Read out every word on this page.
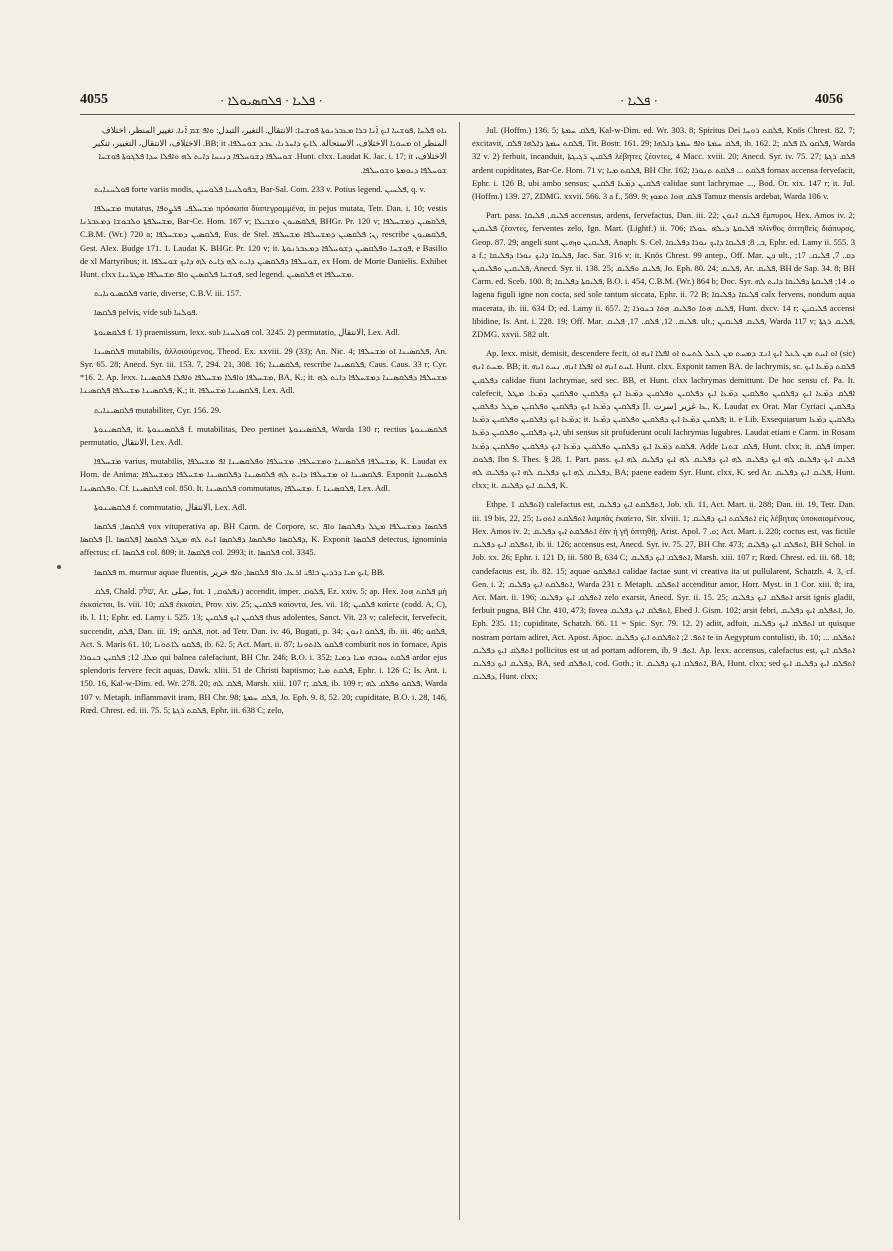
4055	· ܦܠܝܐ · ܦܠܩܣܝܘܠܐ ·	· ܦܠܝܐ ·	4056

ܝܐܘ ܦܠܚܐ ,ܦܘܫܚܐ ܐܝܟ ܐ̄ܢܐ ܒܪܐ ܡܥܒܪܢܘܬܐ ܦܘܫܚܐ: الانتقال. التغير، التبدل: ܘܐܦ ܫܡ ܐ̄ܢܐ. تغيير المنظر، اختلاف المنظر ܐܘ ܡܚܘܝܐ الاختلاف، الاستحالة. ܠܐܝܟ ܕܐܚܪܢܐ، ܥܒܕ ܫܘܚܠܦܐ، BB; it. الاختلاف، الانتقال، التغيير، تنكير الاختلاف، Hunt. clxx. Laudat K. Jac. i. 17; it. ܫܘܚܠܦܐ ܕܫܘܚܠܦܐ ܕܢܝܚܐ ܕܐܝܬ ܠܗ ܘܐܦܠܐ ܚܕܐ ܦܠܓܘܬܐ ܦܘܫܚܐ ܫܘܚܠܦܐ ܕܝܘܡܬܐ ܘܫܘܚܠܦܐ.

ܦܘܠܚܢܐܝܬ forte variis modis, ܒܦܘܠܚܢܐ ܦܠܘܚܝܢ, Bar-Sal. Com. 233 v. Potius legend. ܦܠܚܝܢ, q. v.

ܡܫܚܠܦܐ mutatus, ܡܫܚܠܦܝ ܦܪ̈ܨܘܦܐ πρόσωπα διαπεγραμμένα, in pejus mutata, Tetr. Dan. i. 10; vestis ܡܫܚܠܦܬܐ ܘܠܒܘܫܐ ܕܡܥܒܪܢܐ, Bar-Ce. Hom. 167 v; ܦܠܩܣܝܘܢ ܘܫܒܝܠܐ, BHGr. Pr. 120 v; ܦܠܩܣܝܢ ܕܡܫܚܠܦܐ, C.B.M. (Wr.) 720 a; ܦܠܩܣܝܢ ܕܡܫܚܠܦܐ, Eus. de Stel. ܢ; ܦܠܩܣܝܢ ܕܡܫܚܠܦܐ ܡܫܚܠܦܐ, rescribe ܦܠܩܣܝܘܢ, Gest. Alex. Budge 171. 1. Laudat K. BHGr. Pr. 120 v; it. ܦܘܫܚܐ ܘܦܠܩܣܝܢ ܕܫܘܚܠܦܐ ܕܡܥܒܪܢܘܬܐ, e Basilio de xl Martyribus; it. ܫܘܚܠܦܐ ܕܦܠܩܣܝܢ ܕܐܝܬ ܠܗ ܕܐܝܬ ܠܗ ܕܐܝܟ ܫܘܚܠܦܐ, ex Hom. de Morte Danielis. Exhibet Hunt. clxx ܦܘܫܚܐ ܦܠܩܣܝܢ ܘܐܦ ܡܫܚܠܦܐ ܡܛܪ̈ܝܢܐ, sed legend. ܦܠܩܣܝܢ et ܡܫܚܠܦܐ.

ܦܠܩܣܝܘܢܐܝܬ varie, diverse, C.B.V. iii. 157.

ܦܠܩܣܐ pelvis, vide sub ܦܘܠܚܐ.

ܦܠܩܣܝܘܬܐ f. 1) praemissum, lexx. sub ܦܘܠܚܢܐ col. 3245. 2) permutatio, الانتقال, Lex. Adl.

ܦܠܩܣܝܢܐ mutabilis, ἀλλοιούμενος, Theod. Ex. xxviii. 29 (33); An. Nic. 4; ܦܠܩܣܝܢܐ ܐܘ ܡܫܚܠܦܐ, An. Syr. 65. 28; Anecd. Syr. iii. 153. 7, 294. 21, 308. 16; ܦܠܩܣܝܢܐ, rescribe ܦܠܩܣܝܢܐ, Caus. Caus. 33 r; Cyr. *16. 2. Ap. lexx. ܡܫܚܠܦܐ ܘܐܦܠܐ ܡܫܚܠܦܐ ܘܐܦܠܐ ܦܠܩܣܝܢܐ, BA, K.; it. ܡܫܚܠܦܐ ܕܦܠܩܣܝܢܐ ܕܡܫܚܠܦܐ ܕܐܝܬ ܠܗ ܦܠܩܣܝܢܐ ܡܫܚܠܦܐ ܦܠܩܣܝܢܐ, K.; it. ܦܠܩܣܝܢܐ ܡܫܚܠܦܐ, Lex. Adl.

ܦܠܩܣܝܢܐܝܬ mutabiliter, Cyr. 156. 29.

ܦܠܩܣܝܢܘܬܐ, it. ܦܠܩܣܝܢܘܬܐ f. mutabilitas, Deo pertinet ܦܠܩܣܝܢܘܬܐ, Warda 130 r; rectius ܦܠܩܣܝܢܘܬܐ permutatio, الانتقال, Lex. Adl.

ܡܫܚܠܦܐ varius, mutabilis, ܡܫܚܠܦܐ ܦܠܩܣܝܢܐ ܘܡܫܚܠܦܐ. ܡܫܚܠܦܐ ܘܦܠܩܣܝܢܐ ܐܦ ܡܫܚܠܦܐ, K. Laudat ex Hom. de Anima: ܦܠܩܣܝܢܐ ܐܘ ܡܫܚܠܦܐ ܕܐܝܬ ܠܗ ܦܠܩܣܝܢܐ ܕܦܠܩܣܝܢܐ ܡܫܚܠܦܐ ܕܡܫܚܠܦܐ. Exponit ܦܠܩܣܝܢܐ ܘܦܠܩܣܝܢܐ. Cf. ܦܠܩܣܝܢܐ col. 850. It. ܦܠܩܣܝܢܐ commutatus, ܡܫܚܠܦܐ. f. ܦܠܩܣܝܢܐ, Lex. Adl.

ܦܠܩܣܝܢܘܬܐ f. commutatio, الانتقال, Lex. Adl.

ܦܠܩܣܐ, ܦܠܩܣܐ vox vituperativa ap. BH Carm. de Corpore, sc. ܦܠܩܣܐ ܕܡܫܚܠܦܐ ܡܛܠ ܕܦܠܩܣܐ ܘܐܦ ܦܠܩܣܐ [l. ܦܠܩܣܐ] ܕܦܠܩܣܐ ܘܦܠܩܣܐ ܕܦܠܩܣܐ ܐܝܬ ܠܗ ܡܛܠ ܦܠܩܣܐ, K. Exponit ܦܠܩܣܐ detectus, ignominia affectus; cf. ܦܠܩܣܐ col. 809; it. ܦܠܩܣܐ col. 2993; it. ܦܠܩܣܐ col. 3345.

ܦܠܩܣܐ m. murmur aquae fluentis, ܐܝܟ ܡܝܐ ܕܪܕܝܢ ܒܐܦܝ ܐܪܥܐ. ܘܐܦ ܦܠܩܣܐ, ܘܐܦ خرير, BB.

ܦܠܩ, Chald. שלק, Ar. صلى, fut. ܢܦܠܘܩ, 1) accendit, imper. ܦܠܘܩ, Ez. xxiv. 5; ap. Hex. ܦܠܩܬ ܗܘܐ μὴ ἐκκαίεται, Is. viii. 10; ܦܠܩ ἐκκαίει, Prov. xiv. 25; ܦܠܩܝܢ καίοντα, Jes. vii. 18; ܦܠܩܝܢ καίετε (codd. A, C), ib. l. 11; Ephr. ed. Lamy i. 525. 13; ܦܠܩܝܢ ܐܝܟ ܦܠܩܝܢ thus adolentes, Sanct. Vit. 23 v; calefecit, fervefecit, succendit, ܦܠܩ, Dan. iii. 19; ܦܠܩܘ, not. ad Tetr. Dan. iv. 46, Bugati, p. 34; ܦܠܩܘ ܐܢܘܢ, ib. iii. 46; ܦܠܩܘ, Act. S. Maris 61. 10; ܦܠܩܘ ܠܐܬܘܢܐ, ib. 62. 5; Act. Mart. ii. 87; ܦܠܩܘ ܠܐܬܘܢܐ comburit nos in fornace, Apis ܡܠܐ. 12; ܦܠܩܝܢ ܒܢܘܪܐ qui balnea calefaciunt, BH Chr. 246; B.O. i. 352; ܦܠܩܬ ܚܘܒܗ ܡܝܐ ܕܡܝܐ ardor ejus splendoris fervere fecit aquas, Dawk. xliii. 51 de Christi baptismo; ܦܠܩܬ ܡܝܐ, Ephr. i. 126 C; Is. Ant. i. 150. 16, Kal-w-Dim. ed. Wr. 278. 20; ܦܠܩ ܠܗ, Marsh. xiii. 107 r; ܦܠܩ, ib. 109 r; ܦܠܩܘ ܘܦܠܩ ܠܗ, Warda 107 v. Metaph. inflammavit iram, BH Chr. 98; ܦܠܩ ܚܡܬܐ, Jo. Eph. 9. 8, 52. 20; cupiditate, B.O. i. 28, 146, Rœd. Chrest. ed. iii. 75. 5; ܦܠܩܬ ܪܓܬܐ, Ephr. iii. 638 C; zelo,

Jul. (Hoffm.) 136. 5; ܦܠܩ ܚܡܬܐ, Kal-w-Dim. ed. Wr. 303. 8; Spiritus Dei ܦܠܩܬ ܪܘܚܐ, Knös Chrest. 82. 7; excitavit, ܦܠܩܬ ܚܡܬܐ ܕܐܠܗܐ ܦܠܩ, Tit. Bostr. 161. 29; ܦܠܩ ܚܡܬܐ ܘܐܦ ܚܡܬܐ ܕܐܠܗܐ, ib. 162. 2; ܦܠܩܘ ܠܐ ܦܠܩ, Warda 32 v. 2) ferbuit, incanduit, ܦܠܩܝܢ ܪ̈ܓܝܓܬܐ λέβητες ζέοντες, 4 Macc. xviii. 20; Anecd. Syr. iv. 75. 27; ܦܠܩ ܪܓܬܐ ardent cupiditates, Bar-Ce. Hom. 71 v; ܦܠܩܬ ܡܝܐ, BH Chr. 162; ܦܠܩܬ ... ܦܠܩܬ ܬܢܘܪܐ fornax accensa fervefacit, Ephr. i. 126 B, ubi ambo sensus; ܦܠܩܝܢ ܕܡ̈ܥܐ ܦܠܩܝܢ calidae sunt lachrymae ..., Bod. Or. xix. 147 r; it. Jul. (Hoffm.) 139. 27, ZDMG. xxvii. 566. 3 a f., 589. 9; ܦܠܩ ܗܘܐ ܬܡܘܙ Tamuz mensis ardebat, Warda 106 v.

Part. pass. ܦܠܝܩ, ܦܠܝܩܐ accensus, ardens, fervefactus, Dan. iii. 22; ܦܠܝܩ ܐܢܘܢ ἔμπυροι, Hex. Amos iv. 2; ܦܠܝܩܝܢ ζέοντες, ferventes zelo, Ign. Mart. (Lightf.) ii. 706; ܦܠܝܩܬܐ ܕܝܠܗ ܥܘܠܐ πλίνθος ὀπτηθεὶς διάπυρος, Geop. 87. 29; angeli sunt ܦܠܝܩܝܢ ܘܙܗܝܢ, Anaph. S. Cel. ܒ. 8; ܦܠܝܩܐ ܕܐܝܟ ܢܘܪܐ ܕܦܠܝܩܐ, Ephr. ed. Lamy ii. 555. 3 a f.; ܦܠܝܩܐ ܕܐܝܟ ܢܘܪܐ ܕܦܠܝܩܐ, Jac. Sar. 316 v; it. Knös Chrest. 99 antep., Off. Mar. ܟܢ ult., ܕܩ. 7, ܦܠܝܩ. 17; ܦܠܝܩܝܢ ܘܦܠܝܩܝܢ, Anecd. Syr. ii. 138. 25; ܦܠܝܩ ܘܦܠܝܩ, Jo. Eph. 80. 24; ܦܠܝܩ, Ar. ܦܠܝܩ, BH de Sap. 34. 8; BH Carm. ed. Sceb. 100. 8; ܦܠܝܩܬܐ ܕܦܠܝܩܐ, B.O. i. 454, C.B.M. (Wr.) 864 b; Doc. Syr. ܘ. 14; ܦܠܝܩܬܐ ܕܦܠܝܩܐ ܕܐܝܬ ܠܗ lagena figuli igne non cocta, sed sole tantum siccata, Ephr. ii. 72 B; ܦܠܝܩܐ ܕܦܠܝܩܐ calx fervens, nondum aqua macerata, ib. iii. 634 D; ed. Lamy ii. 657. 2; ܦܠܝܩ ܗܘܐ ܘܦܠܝܩ ܗܘܐ ܒܢܘܪܐ, Hunt. dxcv. 14 r; ܦܠܝܩܝܢ accensi libidine, Is. Ant. i. 228. 19; Off. Mar. ܦܠܝܩ. 12, ܦܠܩ. 17, ܦܠܝܩ. ult.; ܦܠܝܩ ܦܠܝܩܝܢ, Warda 117 v; ܦܠܝܩ ܪܓܬܐ, ZDMG. xxvii. 582 ult.

Ap. lexx. misit, demisit, descendere fecit, ܐܘ ܐܚܬ ܡܢ ܠܥܠ ܐܝܟ ܐܢܫ ܕܡܚܬ ܡܢ ܠܥܠ ܠܬܚܬ ܐܘ ܐܦܠܐ ܐܢܗ ܐܘ (sic) ܡܚܬ ܐܢܗ. BB; it. ܐܚܬ ܐܢܗ ܐܘ ܐܦܠܐ ܐܢܗ. ܢܚܬ ܐܢܗ. Hunt. clxx. Exponit tamen BA. de lachrymis, sc. ܦܠܩܬ ܕܡ̈ܥܐ ܐܝܟ ܕܦܠܩܝܢ calidae fiunt lachrymae, sed sec. BB, et Hunt. clxx lachrymas demittunt. De hoc sensu cf. Pa. It. calefecit, ܐܦܠܩ ܕܡ̈ܥܐ ܐܝܟ ܕܦܠܩܝܢ ܘܦܠܩܝܢ ܕܡ̈ܥܐ ܐܝܟ ܕܦܠܩܝܢ ܘܦܠܩܝܢ ܕܡ̈ܥܐ ܐܝܟ ܕܦܠܩܝܢ ܘܦܠܩܝܢ ܕܡ̈ܥܐ. ܡܛܠ ܕܦܠܩܝܢ ܕܡ̈ܥܐ ܐܝܟ ܕܦܠܩܝܢ ܘܦܠܩܝܢ ܡܛܠ ܕܦܠܩܝܢ [l. سرت] ܥܐ غزير, K. Laudat ex Orat. Mar Cyriaci ܕܦܠܩܝܢ ܕܡ̈ܥܐ ܐܝܟ ܕܦܠܩܝܢ ܘܦܠܩܝܢ ܕܡ̈ܥܐ; it. ܦܠܩܝܢ ܕܡ̈ܥܐ ܐܝܟ ܕܦܠܩܝܢ ܘܦܠܩܝܢ ܕܡ̈ܥܐ; it. e Lib. Exsequiarum ܕܦܠܩܝܢ ܕܡ̈ܥܐ ܐܝܟ ܕܦܠܩܝܢ ܘܦܠܩܝܢ ܕܡ̈ܥܐ, ubi sensus sit profuderunt oculi lachrymas lugubres. Laudat etiam e Carm. in Rosam ܦܠܩܬ ܕܡ̈ܥܐ ܐܝܟ ܕܦܠܩܝܢ ܘܦܠܩܝܢ ܕܡ̈ܥܐ ܐܝܟ ܕܦܠܩܝܢ ܘܦܠܩܝܢ ܕܡ̈ܥܐ. Adde ܦܠܩ ܫܬܢܐ, Hunt. clxx; it. ܦܠܩ imper. ܦܠܘܩ, Ibn S. Thes. § 28. 1. Part. pass. ܦܠܝܩ ܐܝܟ ܕܦܠܝܩ ܠܗ ܐܝܟ ܕܦܠܝܩ ܠܗ ܐܝܟ ܕܦܠܝܩ ܠܗ ܐܝܟ ܕܦܠܝܩ ܠܗ ܐܝܟ ܕܦܠܝܩ ܠܗ ܐܝܟ ܕܦܠܝܩ ܠܗ ܐܝܟ ܕܦܠܝܩ ܠܗ, BA; paene eadem Syr. Hunt. clxx, K. sed Ar. ܦܠܝܩ ܐܝܟ ܕܦܠܝܩ, Hunt. clxx; it. ܦܠܝܩ ܐܝܟ ܕܦܠܝܩ, K.

Ethpe. ܐܬܦܠܩ 1) calefactus est, ܐܬܦܠܩܬ ܐܝܟ ܕܦܠܝܩ, Job. xli. 11, Act. Mart. ii. 288; Dan. iii. 19, Tetr. Dan. iii. 19 bis, 22, 25; ܐܬܦܠܩܬ ܐܬܘܢܐ λαμπὰς ἐκαίετο, Sir. xlviii. 1; ܐܬܦܠܩܬ ܐܝܟ ܕܦܠܝܩ εἰς λέβητας ὑποκαιομένους, Hex. Amos iv. 2; ܐܬܦܠܩܬ ܐܝܟ ܕܦܠܝܩ ἐὰν ἡ γῆ ὀπτηθῇ, Arist. Apol. ܘ. 7; Act. Mart. i. 220; coctus est, vas fictile ܐܬܦܠܩ ܐܝܟ ܕܦܠܝܩ, ib. ii. 126; accensus est, Anecd. Syr. iv. 75. 27, BH Chr. 473; ܐܬܦܠܩ ܐܝܟ ܕܦܠܝܩ, BH Schol. in Job. xx. 26; Ephr. i. 121 D, iii. 580 B, 634 C; ܐܬܦܠܩ ܐܝܟ ܕܦܠܝܩ, Marsh. xiii. 107 r; Rœd. Chrest. ed. iii. 68. 18; candefactus est, ib. 82. 15; aquae ܐܬܦܠܩܘ calidae factae sunt vi creativa ita ut pullularent, Schatzh. 4. 3, cf. Gen. i. 2; ܐܬܦܠܩܬ ܐܝܟ ܕܦܠܝܩ, Warda 231 r. Metaph. ܐܬܦܠܩ accenditur amor, Horr. Myst. in 1 Cor. xiii. 8; ira, Act. Mart. ii. 196; ܐܬܦܠܩ ܐܝܟ ܕܦܠܝܩ zelo exarsit, Anecd. Syr. ii. 15. 25; ܐܬܦܠܩ ܐܝܟ ܕܦܠܝܩ arsit ignis gladii, ferbuit pugna, BH Chr. 410, 473; fovea ܐܬܦܠܩ ܐܝܟ ܕܦܠܝܩ, Ebed J. Gism. 102; arsit febri, ܐܬܦܠܩ ܐܝܟ ܕܦܠܝܩ, Jo. Eph. 235. 11; cupiditate, Schatzh. 66. 11 = Spic. Syr. 79. 12. 2) adiit, adfuit, ܐܬܦܠܩ ܐܝܟ ܕܦܠܝܩ ut quisque nostram portam adiret, Act. Apost. Apoc. ܐܬܦ. 2; ܐܬܦܠܩܬ ܐܝܟ ܕܦܠܝܩ te in Aegyptum contulisti, ib. 10; ܐܬܦܠܩ ... ܐܬܦܠܩ ܐܝܟ ܕܦܠܝܩ pollicitus est ut ad portam adforem, ib. ܐܬܦ. 9. Ap. lexx. accensus, calefactus est, ܐܬܦܠܩ ܐܝܟ ܕܦܠܝܩ ܐܝܟ ܕܦܠܝܩ, BA, sed ܐܬܦܠܩ, cod. Goth.; it. ܐܬܦܠܩ ܐܝܟ ܕܦܠܝܩ, BA, Hunt. clxx; sed ܐܬܦܠܩ ܐܝܟ ܕܦܠܝܩ ܐܝܟ ܕܦܠܝܩ, Hunt. clxx;
